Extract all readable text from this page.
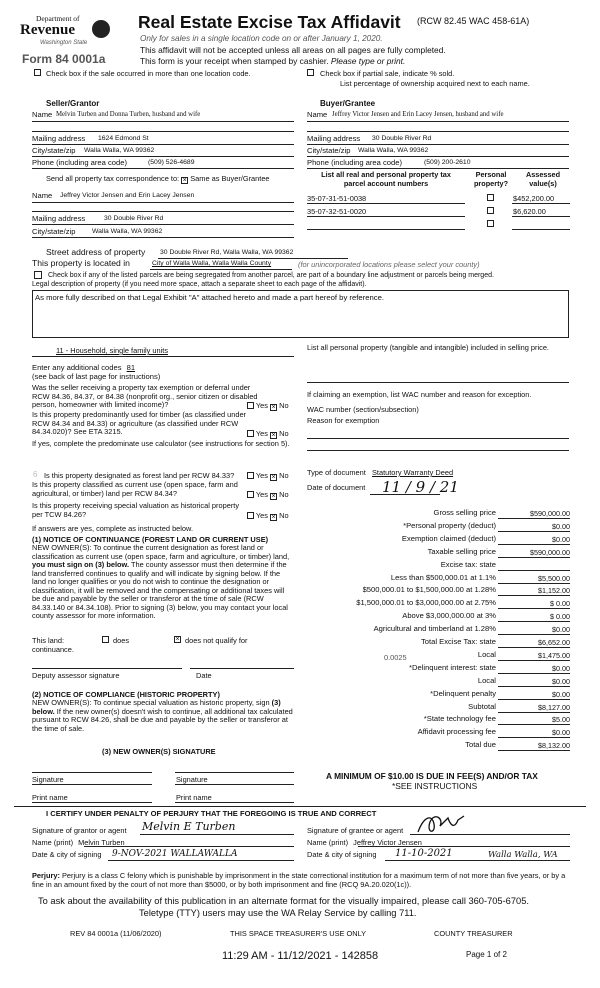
Department of
Revenue
Washington State
Form 84 0001a
Real Estate Excise Tax Affidavit (RCW 82.45 WAC 458-61A)
Only for sales in a single location code on or after January 1, 2020.
This affidavit will not be accepted unless all areas on all pages are fully completed.
This form is your receipt when stamped by cashier. Please type or print.
Check box if the sale occurred in more than one location code.	Check box if partial sale, indicate % sold.
List percentage of ownership acquired next to each name.
Seller/Grantor	Buyer/Grantee
Name Melvin Turben and Donna Turben, husband and wife	Name Jeffrey Victor Jensen and Erin Lacey Jensen, husband and wife
Mailing address 1624 Edmond St
City/state/zip Walla Walla, WA 99362
Phone (including area code)	(509) 526-4689
Mailing address 30 Double River Rd
City/state/zip Walla Walla, WA 99362
Phone (including area code)	(509) 200-2610
Send all property tax correspondence to: × Same as Buyer/Grantee
Name Jeffrey Victor Jensen and Erin Lacey Jensen
Mailing address	30 Double River Rd
City/state/zip Walla Walla, WA 99362
List all real and personal property tax
parcel account numbers
Personal
property?
Assessed
value(s)
35-07-31-51-0038	$452,200.00
35-07-32-51-0020	$6,620.00
Street address of property 30 Double River Rd, Walla Walla, WA 99362
This property is located in	City of Walla Walla, Walla Walla County	(for unincorporated locations please select your county)
Check box if any of the listed parcels are being segregated from another parcel, are part of a boundary line adjustment or parcels being merged.
Legal description of property (if you need more space, attach a separate sheet to each page of the affidavit).
As more fully described on that Legal Exhibit "A" attached hereto and made a part hereof by reference.
11 - Household, single family units
Enter any additional codes 81
(see back of last page for instructions)
Was the seller receiving a property tax exemption or deferral under RCW 84.36, 84.37, or 84.38 (nonprofit org., senior citizen or disabled person, homeowner with limited income)?	Yes × No
Is this property predominantly used for timber (as classified under RCW 84.34 and 84.33) or agriculture (as classified under RCW 84.34.020)? See ETA 3215.	Yes × No
If yes, complete the predominate use calculator (see instructions for section 5).
List all personal property (tangible and intangible) included in selling price.
If claiming an exemption, list WAC number and reason for exception.
WAC number (section/subsection)
Reason for exemption
6 Is this property designated as forest land per RCW 84.33?	Yes × No
Is this property classified as current use (open space, farm and agricultural, or timber) land per RCW 84.34?	Yes × No
Is this property receiving special valuation as historical property per TCW 84.26?	Yes × No
If answers are yes, complete as instructed below.
(1) NOTICE OF CONTINUANCE (FOREST LAND OR CURRENT USE)
NEW OWNER(S): To continue the current designation as forest land or classification as current use (open space, farm and agriculture, or timber) land, you must sign on (3) below. The county assessor must then determine if the land transferred continues to qualify and will indicate by signing below. If the land no longer qualifies or you do not wish to continue the designation or classification, it will be removed and the compensating or additional taxes will be due and payable by the seller or transferor at the time of sale (RCW 84.33.140 or 84.34.108). Prior to signing (3) below, you may contact your local county assessor for more information.
This land:
continuance.
does	× does not qualify for
Deputy assessor signature	Date
(2) NOTICE OF COMPLIANCE (HISTORIC PROPERTY)
NEW OWNER(S): To continue special valuation as historic property, sign (3) below. If the new owner(s) doesn't wish to continue, all additional tax calculated pursuant to RCW 84.26, shall be due and payable by the seller or transferor at the time of sale.
(3) NEW OWNER(S) SIGNATURE
Signature	Signature
Print name	Print name
Type of document Statutory Warranty Deed
Date of document 11 / 9 / 21
Gross selling price	$590,000.00
*Personal property (deduct)	$0.00
Exemption claimed (deduct)	$0.00
Taxable selling price	$590,000.00
Excise tax: state
Less than $500,000.01 at 1.1%	$5,500.00
$500,000.01 to $1,500,000.00 at 1.28%	$1,152.00
$1,500,000.01 to $3,000,000.00 at 2.75%	$ 0.00
Above $3,000,000.00 at 3%	$ 0.00
Agricultural and timberland at 1.28%	$0.00
Total Excise Tax: state	$6,652.00
Local	$1,475.00
*Delinquent interest: state	$0.00
Local	$0.00
*Delinquent penalty	$0.00
Subtotal	$8,127.00
*State technology fee	$5.00
Affidavit processing fee	$0.00
Total due	$8,132.00
0.0025
A MINIMUM OF $10.00 IS DUE IN FEE(S) AND/OR TAX
*SEE INSTRUCTIONS
I CERTIFY UNDER PENALTY OF PERJURY THAT THE FOREGOING IS TRUE AND CORRECT
Signature of grantor or agent Melvin E Turben
Name (print) Melvin Turben
Date & city of signing 9-NOV-2021 WALLAWALLA
Signature of grantee or agent
Name (print) Jeffrey Victor Jensen
Date & city of signing 11-10-2021	Walla Walla, WA
Perjury: Perjury is a class C felony which is punishable by imprisonment in the state correctional institution for a maximum term of not more than five years, or by a fine in an amount fixed by the court of not more than $5000, or by both imprisonment and fine (RCQ 9A.20.020(1c)).
To ask about the availability of this publication in an alternate format for the visually impaired, please call 360-705-6705.
Teletype (TTY) users may use the WA Relay Service by calling 711.
REV 84 0001a (11/06/2020)	THIS SPACE TREASURER'S USE ONLY	COUNTY TREASURER
11:29 AM - 11/12/2021 - 142858	Page 1 of 2
